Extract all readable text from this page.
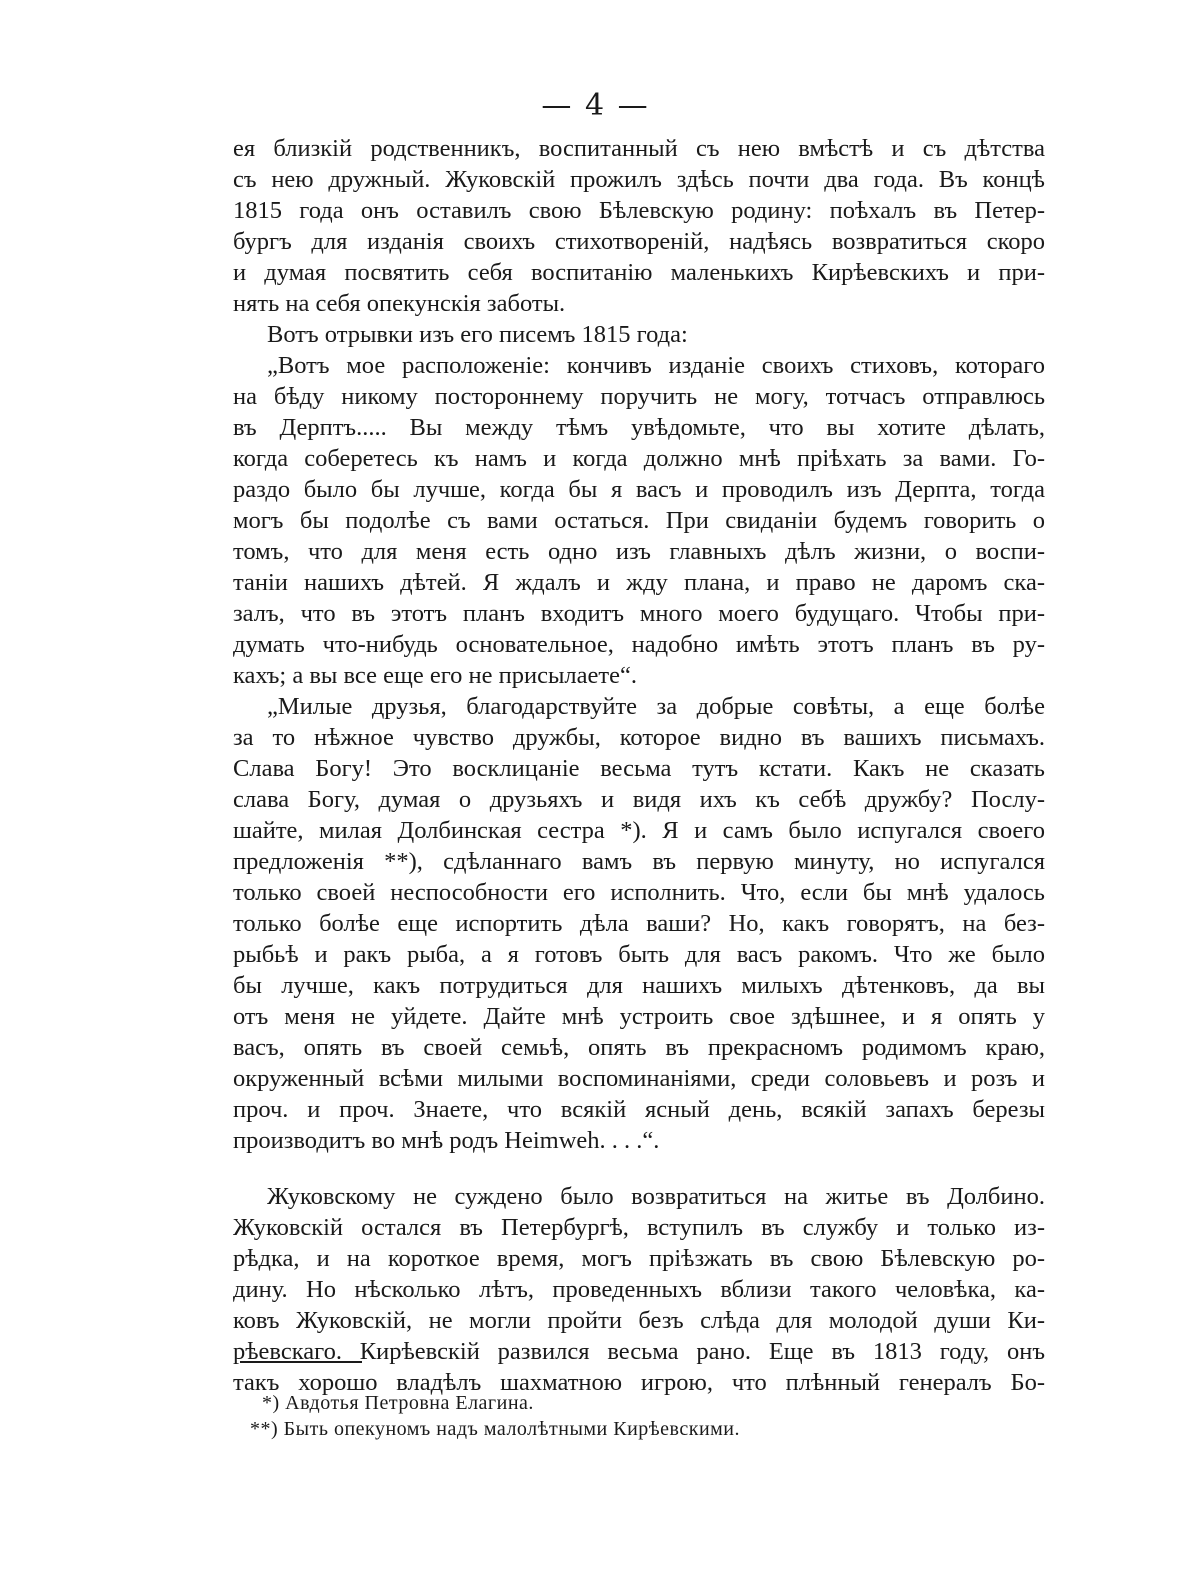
— 4 —
ея близкій родственникъ, воспитанный съ нею вмѣстѣ и съ дѣтства
съ нею дружный. Жуковскій прожилъ здѣсь почти два года. Въ концѣ
1815 года онъ оставилъ свою Бѣлевскую родину: поѣхалъ въ Петер-
бургъ для изданія своихъ стихотвореній, надѣясь возвратиться скоро
и думая посвятить себя воспитанію маленькихъ Кирѣевскихъ и при-
нять на себя опекунскія заботы.
Вотъ отрывки изъ его писемъ 1815 года:
„Вотъ мое расположеніе: кончивъ изданіе своихъ стиховъ, котораго
на бѣду никому постороннему поручить не могу, тотчасъ отправлюсь
въ Дерптъ..... Вы между тѣмъ увѣдомьте, что вы хотите дѣлать,
когда соберетесь къ намъ и когда должно мнѣ пріѣхать за вами. Го-
раздо было бы лучше, когда бы я васъ и проводилъ изъ Дерпта, тогда
могъ бы подолѣе съ вами остаться. При свиданіи будемъ говорить о
томъ, что для меня есть одно изъ главныхъ дѣлъ жизни, о воспи-
таніи нашихъ дѣтей. Я ждалъ и жду плана, и право не даромъ ска-
залъ, что въ этотъ планъ входитъ много моего будущаго. Чтобы при-
думать что-нибудь основательное, надобно имѣть этотъ планъ въ ру-
кахъ; а вы все еще его не присылаете“.
„Милые друзья, благодарствуйте за добрые совѣты, а еще болѣе
за то нѣжное чувство дружбы, которое видно въ вашихъ письмахъ.
Слава Богу! Это восклицаніе весьма тутъ кстати. Какъ не сказать
слава Богу, думая о друзьяхъ и видя ихъ къ себѣ дружбу? Послу-
шайте, милая Долбинская сестра *). Я и самъ было испугался своего
предложенія **), сдѣланнаго вамъ въ первую минуту, но испугался
только своей неспособности его исполнить. Что, если бы мнѣ удалось
только болѣе еще испортить дѣла ваши? Но, какъ говорятъ, на без-
рыбьѣ и ракъ рыба, а я готовъ быть для васъ ракомъ. Что же было
бы лучше, какъ потрудиться для нашихъ милыхъ дѣтенковъ, да вы
отъ меня не уйдете. Дайте мнѣ устроить свое здѣшнее, и я опять у
васъ, опять въ своей семьѣ, опять въ прекрасномъ родимомъ краю,
окруженный всѣми милыми воспоминаніями, среди соловьевъ и розъ и
проч. и проч. Знаете, что всякій ясный день, всякій запахъ березы
производитъ во мнѣ родъ Heimweh. . . .“.
Жуковскому не суждено было возвратиться на житье въ Долбино.
Жуковскій остался въ Петербургѣ, вступилъ въ службу и только из-
рѣдка, и на короткое время, могъ пріѣзжать въ свою Бѣлевскую ро-
дину. Но нѣсколько лѣтъ, проведенныхъ вблизи такого человѣка, ка-
ковъ Жуковскій, не могли пройти безъ слѣда для молодой души Ки-
рѣевскаго. Кирѣевскій развился весьма рано. Еще въ 1813 году, онъ
такъ хорошо владѣлъ шахматною игрою, что плѣнный генералъ Бо-
*) Авдотья Петровна Елагина.
**) Быть опекуномъ надъ малолѣтными Кирѣевскими.
